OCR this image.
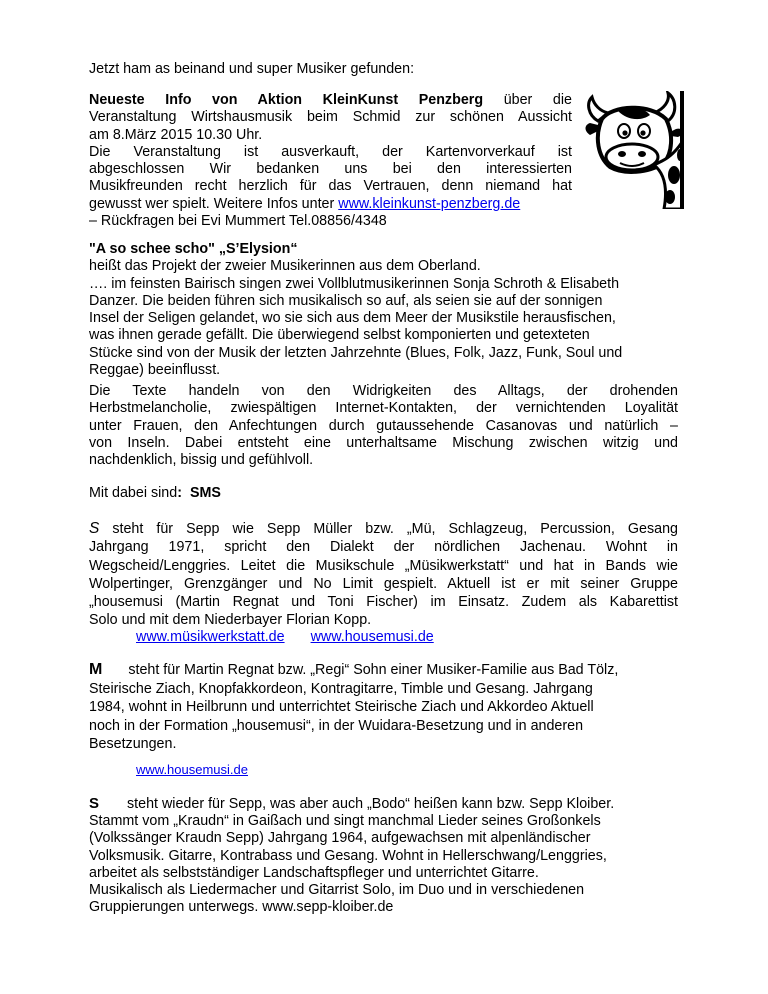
Jetzt ham as beinand und super Musiker gefunden:
Neueste Info von Aktion KleinKunst Penzberg über die
Veranstaltung Wirtshausmusik beim Schmid zur schönen Aussicht
am 8.März 2015 10.30 Uhr.
Die Veranstaltung ist ausverkauft, der Kartenvorverkauf ist
abgeschlossen Wir bedanken uns bei den interessierten
Musikfreunden recht herzlich für das Vertrauen, denn niemand hat
gewusst wer spielt. Weitere Infos unter www.kleinkunst-penzberg.de
– Rückfragen bei Evi Mummert Tel.08856/4348
"A so schee scho" „S’Elysion“
heißt das Projekt der zweier Musikerinnen aus dem Oberland.
…. im feinsten Bairisch singen zwei Vollblutmusikerinnen Sonja Schroth & Elisabeth
Danzer. Die beiden führen sich musikalisch so auf, als seien sie auf der sonnigen
Insel der Seligen gelandet, wo sie sich aus dem Meer der Musikstile herausfischen,
was ihnen gerade gefällt. Die überwiegend selbst komponierten und getexteten
Stücke sind von der Musik der letzten Jahrzehnte (Blues, Folk, Jazz, Funk, Soul und
Reggae) beeinflusst.
Die Texte handeln von den Widrigkeiten des Alltags, der drohenden
Herbstmelancholie, zwiespältigen Internet-Kontakten, der vernichtenden Loyalität
unter Frauen, den Anfechtungen durch gutaussehende Casanovas und natürlich –
von Inseln. Dabei entsteht eine unterhaltsame Mischung zwischen witzig und
nachdenklich, bissig und gefühlvoll.
Mit dabei sind: SMS
S steht für Sepp wie Sepp Müller bzw. „Mü, Schlagzeug, Percussion, Gesang
Jahrgang 1971, spricht den Dialekt der nördlichen Jachenau. Wohnt in
Wegscheid/Lenggries. Leitet die Musikschule „Müsikwerkstatt“ und hat in Bands wie
Wolpertinger, Grenzgänger und No Limit gespielt. Aktuell ist er mit seiner Gruppe
„housemusi (Martin Regnat und Toni Fischer) im Einsatz. Zudem als Kabarettist
Solo und mit dem Niederbayer Florian Kopp.
www.müsikwerkstatt.de www.housemusi.de
M steht für Martin Regnat bzw. „Regi“ Sohn einer Musiker-Familie aus Bad Tölz,
Steirische Ziach, Knopfakkordeon, Kontragitarre, Timble und Gesang. Jahrgang
1984, wohnt in Heilbrunn und unterrichtet Steirische Ziach und Akkordeo Aktuell
noch in der Formation „housemusi“, in der Wuidara-Besetzung und in anderen
Besetzungen.
www.housemusi.de
S steht wieder für Sepp, was aber auch „Bodo“ heißen kann bzw. Sepp Kloiber.
Stammt vom „Kraudn“ in Gaißach und singt manchmal Lieder seines Großonkels
(Volkssänger Kraudn Sepp) Jahrgang 1964, aufgewachsen mit alpenländischer
Volksmusik. Gitarre, Kontrabass und Gesang. Wohnt in Hellerschwang/Lenggries,
arbeitet als selbstständiger Landschaftspfleger und unterrichtet Gitarre.
Musikalisch als Liedermacher und Gitarrist Solo, im Duo und in verschiedenen
Gruppierungen unterwegs. www.sepp-kloiber.de
